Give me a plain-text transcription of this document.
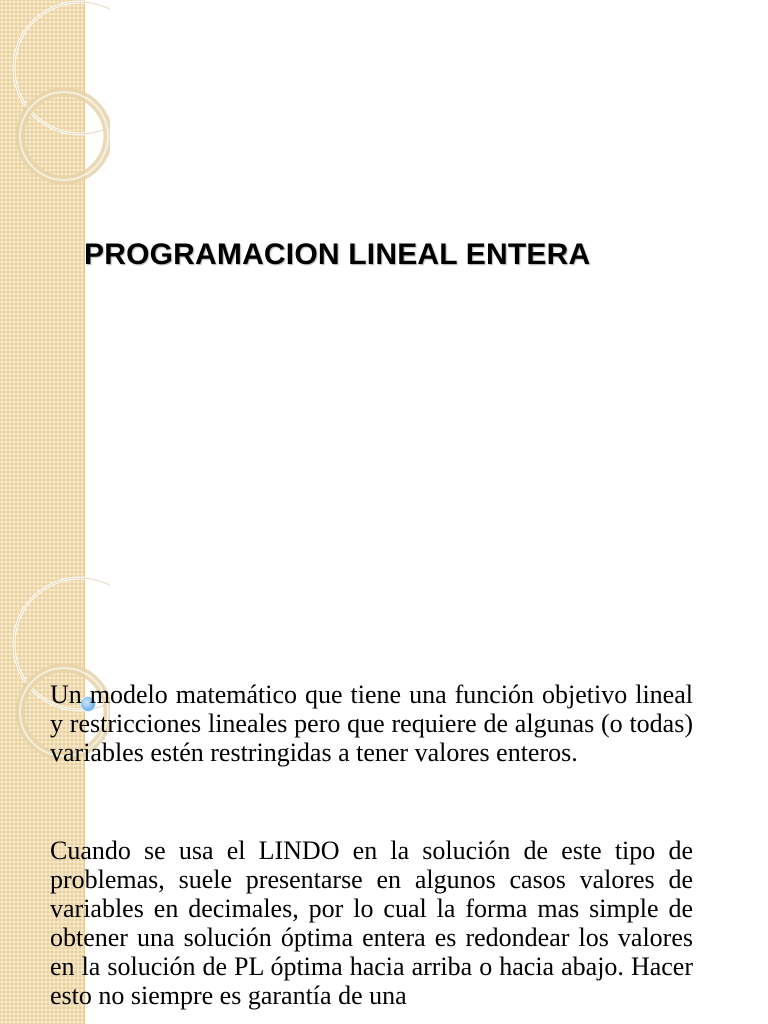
PROGRAMACION LINEAL ENTERA

Un modelo matemático que tiene una función objetivo lineal y restricciones lineales pero que requiere de algunas (o todas) variables estén restringidas a tener valores enteros.

Cuando se usa el LINDO en la solución de este tipo de problemas, suele presentarse en algunos casos valores de variables en decimales, por lo cual la forma mas simple de obtener una solución óptima entera es redondear los valores en la solución de PL óptima hacia arriba o hacia abajo. Hacer esto no siempre es garantía de una
